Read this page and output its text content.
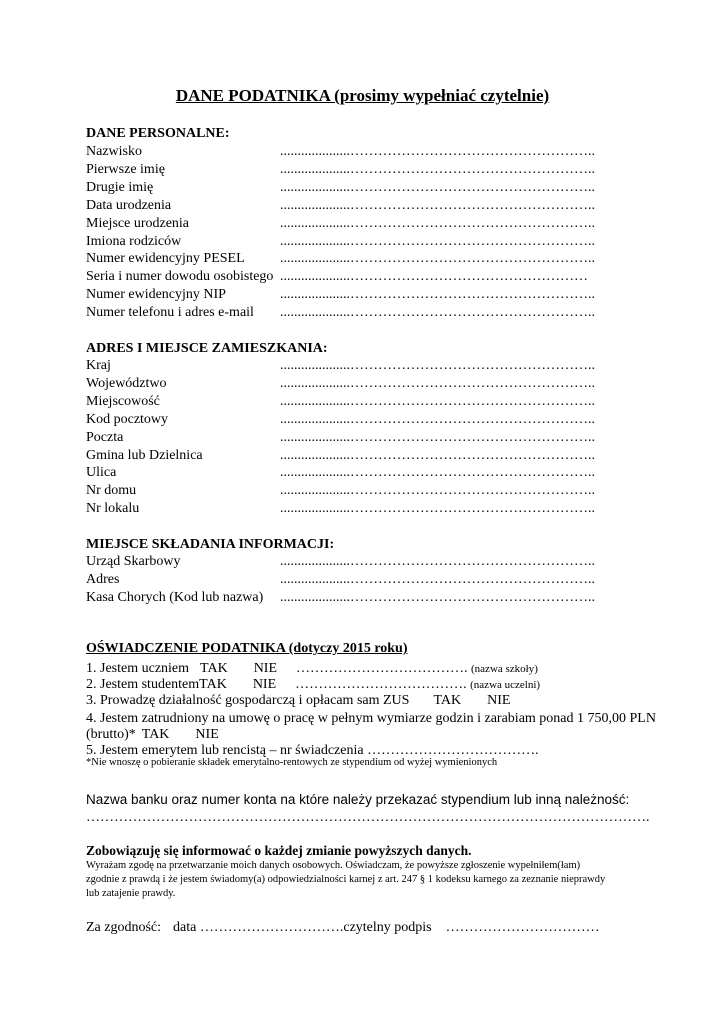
DANE PODATNIKA (prosimy wypełniać czytelnie)
DANE PERSONALNE:
Nazwisko	....................……………………………………………..
Pierwsze imię	....................……………………………………………..
Drugie imię	....................……………………………………………..
Data urodzenia	....................……………………………………………..
Miejsce urodzenia	....................……………………………………………..
Imiona rodziców	....................……………………………………………..
Numer ewidencyjny PESEL	....................……………………………………………..
Seria i numer dowodu osobistego ....................……………………………………………
Numer ewidencyjny NIP	....................……………………………………………..
Numer telefonu i adres e-mail ....................……………………………………………..
ADRES I MIEJSCE ZAMIESZKANIA:
Kraj	....................……………………………………………..
Województwo	....................……………………………………………..
Miejscowość	....................……………………………………………..
Kod pocztowy	....................……………………………………………..
Poczta	....................……………………………………………..
Gmina lub Dzielnica	....................……………………………………………..
Ulica	....................……………………………………………..
Nr domu	....................……………………………………………..
Nr lokalu	....................……………………………………………..
MIEJSCE SKŁADANIA INFORMACJI:
Urząd Skarbowy	....................……………………………………………..
Adres	....................……………………………………………..
Kasa Chorych (Kod lub nazwa) ....................……………………………………………..
OŚWIADCZENIE PODATNIKA (dotyczy 2015 roku)
1. Jestem uczniem TAK NIE ………………………………. (nazwa szkoły)
2. Jestem studentemTAK NIE ………………………………. (nazwa uczelni)
3. Prowadzę działalność gospodarczą i opłacam sam ZUS TAK NIE
4. Jestem zatrudniony na umowę o pracę w pełnym wymiarze godzin i zarabiam ponad 1 750,00 PLN
(brutto)* TAK NIE
5. Jestem emerytem lub rencistą – nr świadczenia ……………………………….
*Nie wnoszę o pobieranie składek emerytalno-rentowych ze stypendium od wyżej wymienionych
Nazwa banku oraz numer konta na które należy przekazać stypendium lub inną należność:
………………………………………………………………………………………………………….
Zobowiązuję się informować o każdej zmianie powyższych danych.
Wyrażam zgodę na przetwarzanie moich danych osobowych. Oświadczam, że powyższe zgłoszenie wypełniłem(łam)
zgodnie z prawdą i że jestem świadomy(a) odpowiedzialności karnej z art. 247 § 1 kodeksu karnego za zeznanie nieprawdy
lub zatajenie prawdy.
Za zgodność: data ………………………….czytelny podpis ……………………………
